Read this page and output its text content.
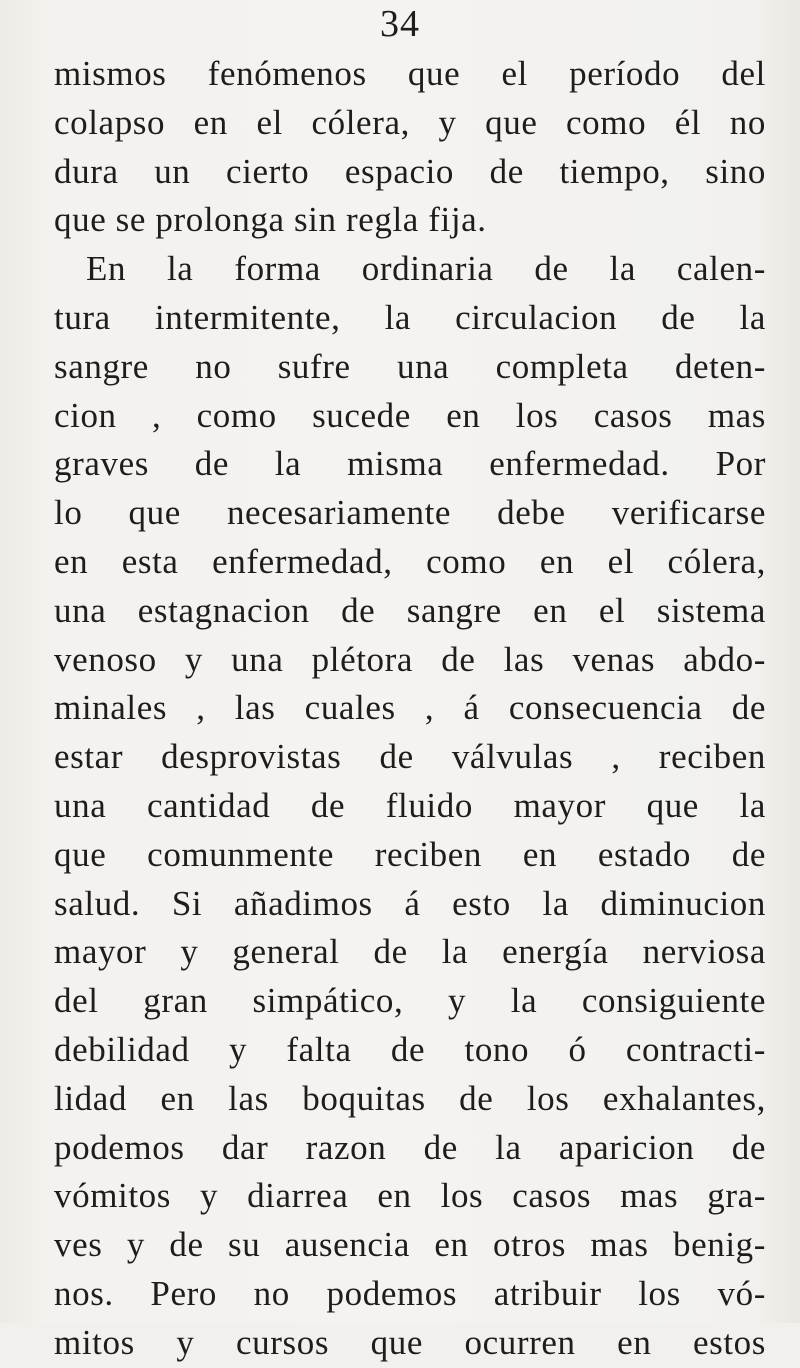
34
mismos fenómenos que el período del
colapso en el cólera, y que como él no
dura un cierto espacio de tiempo, sino
que se prolonga sin regla fija.
En la forma ordinaria de la calen-
tura intermitente, la circulacion de la
sangre no sufre una completa deten-
cion , como sucede en los casos mas
graves de la misma enfermedad. Por
lo que necesariamente debe verificarse
en esta enfermedad, como en el cólera,
una estagnacion de sangre en el sistema
venoso y una plétora de las venas abdo-
minales , las cuales , á consecuencia de
estar desprovistas de válvulas , reciben
una cantidad de fluido mayor que la
que comunmente reciben en estado de
salud. Si añadimos á esto la diminucion
mayor y general de la energía nerviosa
del gran simpático, y la consiguiente
debilidad y falta de tono ó contracti-
lidad en las boquitas de los exhalantes,
podemos dar razon de la aparicion de
vómitos y diarrea en los casos mas gra-
ves y de su ausencia en otros mas benig-
nos. Pero no podemos atribuir los vó-
mitos y cursos que ocurren en estos
